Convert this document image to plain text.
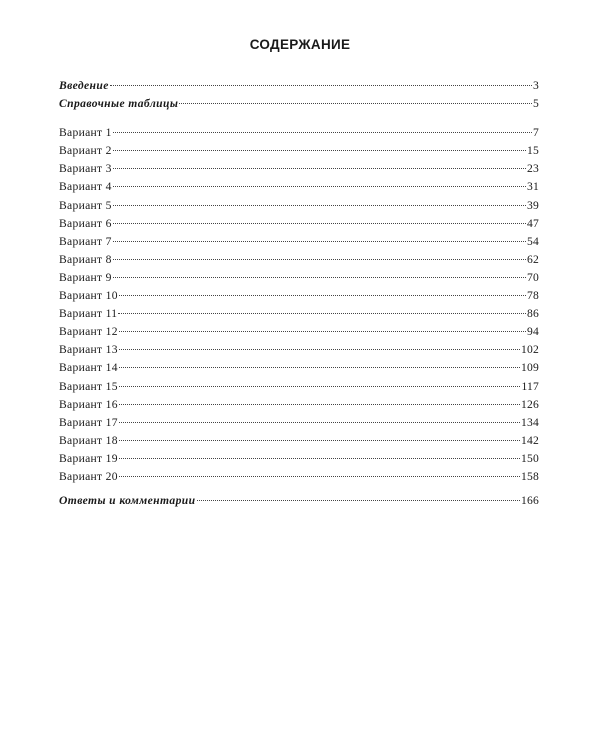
СОДЕРЖАНИЕ
Введение	3
Справочные таблицы	5
Вариант 1	7
Вариант 2	15
Вариант 3	23
Вариант 4	31
Вариант 5	39
Вариант 6	47
Вариант 7	54
Вариант 8	62
Вариант 9	70
Вариант 10	78
Вариант 11	86
Вариант 12	94
Вариант 13	102
Вариант 14	109
Вариант 15	117
Вариант 16	126
Вариант 17	134
Вариант 18	142
Вариант 19	150
Вариант 20	158
Ответы и комментарии	166
